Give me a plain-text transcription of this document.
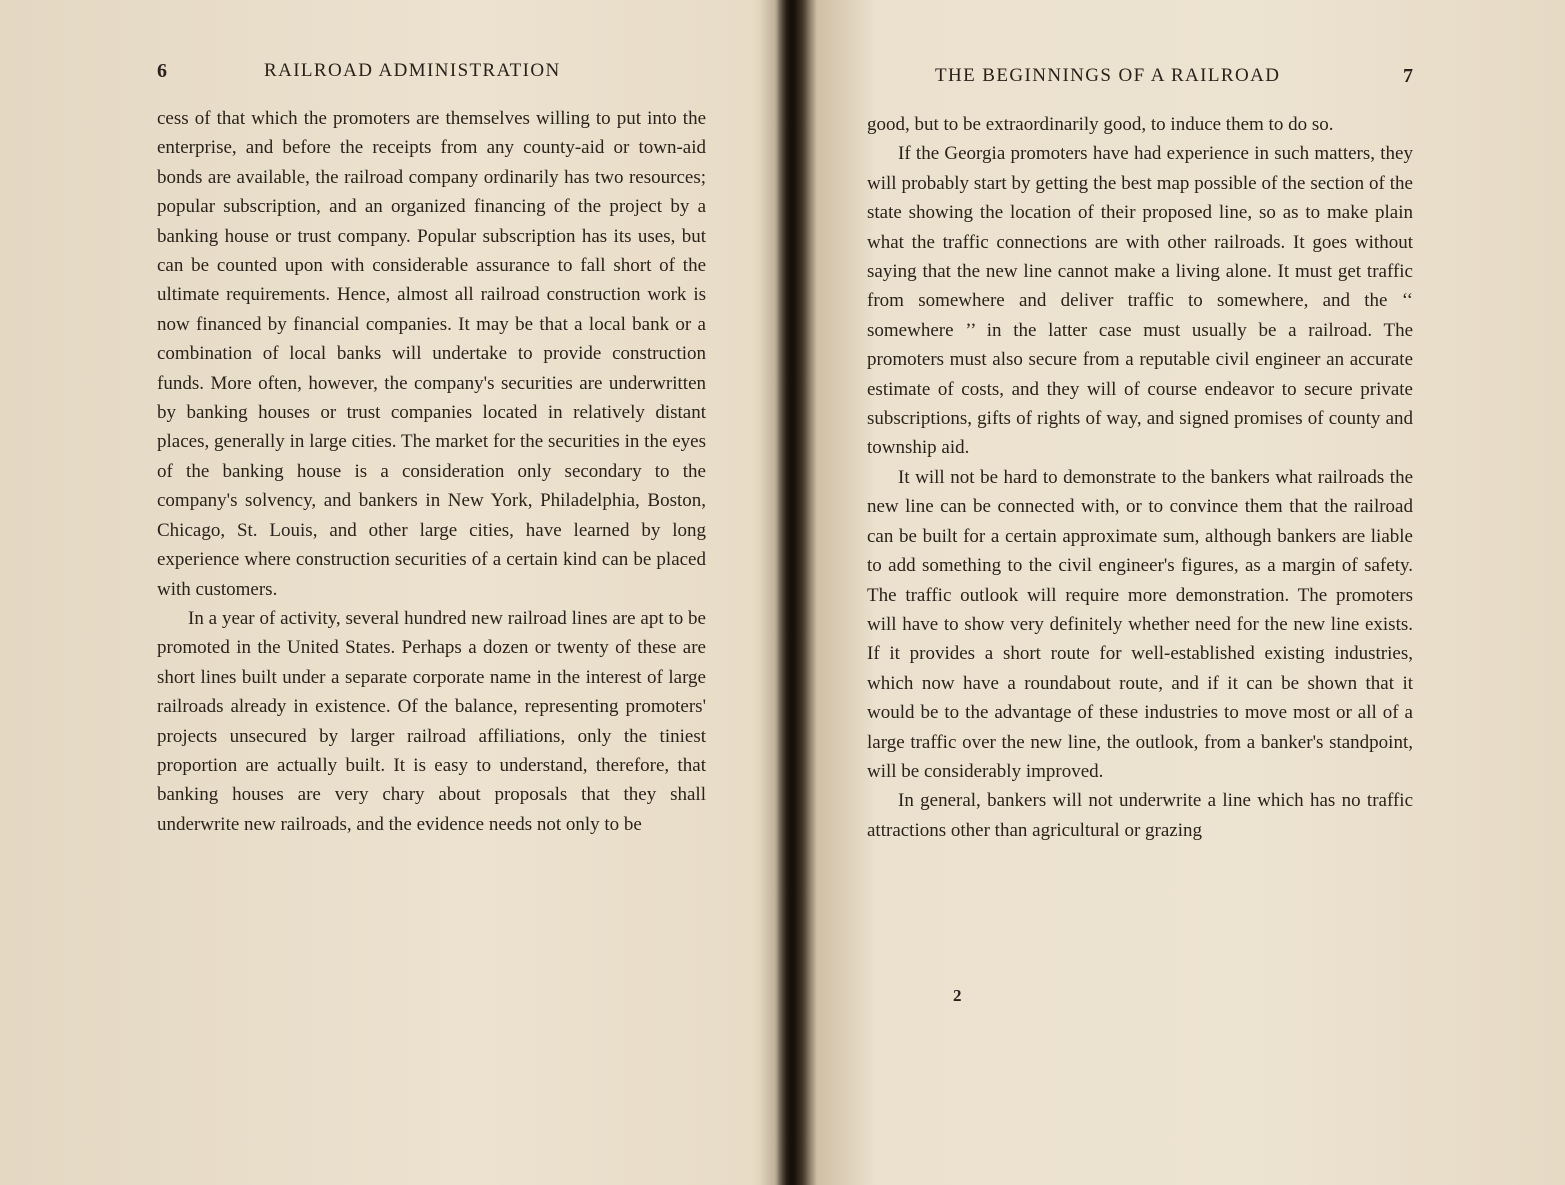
6	RAILROAD ADMINISTRATION

cess of that which the promoters are themselves willing to put into the enterprise, and before the receipts from any county-aid or town-aid bonds are available, the railroad company ordinarily has two resources; popular subscription, and an organized financing of the project by a banking house or trust company. Popular subscription has its uses, but can be counted upon with considerable assurance to fall short of the ultimate requirements. Hence, almost all railroad construction work is now financed by financial companies. It may be that a local bank or a combination of local banks will undertake to provide construction funds. More often, however, the company's securities are underwritten by banking houses or trust companies located in relatively distant places, generally in large cities. The market for the securities in the eyes of the banking house is a consideration only secondary to the company's solvency, and bankers in New York, Philadelphia, Boston, Chicago, St. Louis, and other large cities, have learned by long experience where construction securities of a certain kind can be placed with customers.

In a year of activity, several hundred new railroad lines are apt to be promoted in the United States. Perhaps a dozen or twenty of these are short lines built under a separate corporate name in the interest of large railroads already in existence. Of the balance, representing promoters' projects unsecured by larger railroad affiliations, only the tiniest proportion are actually built. It is easy to understand, therefore, that banking houses are very chary about proposals that they shall underwrite new railroads, and the evidence needs not only to be

THE BEGINNINGS OF A RAILROAD	7

good, but to be extraordinarily good, to induce them to do so.

If the Georgia promoters have had experience in such matters, they will probably start by getting the best map possible of the section of the state showing the location of their proposed line, so as to make plain what the traffic connections are with other railroads. It goes without saying that the new line cannot make a living alone. It must get traffic from somewhere and deliver traffic to somewhere, and the ‘‘ somewhere ’’ in the latter case must usually be a railroad. The promoters must also secure from a reputable civil engineer an accurate estimate of costs, and they will of course endeavor to secure private subscriptions, gifts of rights of way, and signed promises of county and township aid.

It will not be hard to demonstrate to the bankers what railroads the new line can be connected with, or to convince them that the railroad can be built for a certain approximate sum, although bankers are liable to add something to the civil engineer's figures, as a margin of safety. The traffic outlook will require more demonstration. The promoters will have to show very definitely whether need for the new line exists. If it provides a short route for well-established existing industries, which now have a roundabout route, and if it can be shown that it would be to the advantage of these industries to move most or all of a large traffic over the new line, the outlook, from a banker's standpoint, will be considerably improved.

In general, bankers will not underwrite a line which has no traffic attractions other than agricultural or grazing

2
